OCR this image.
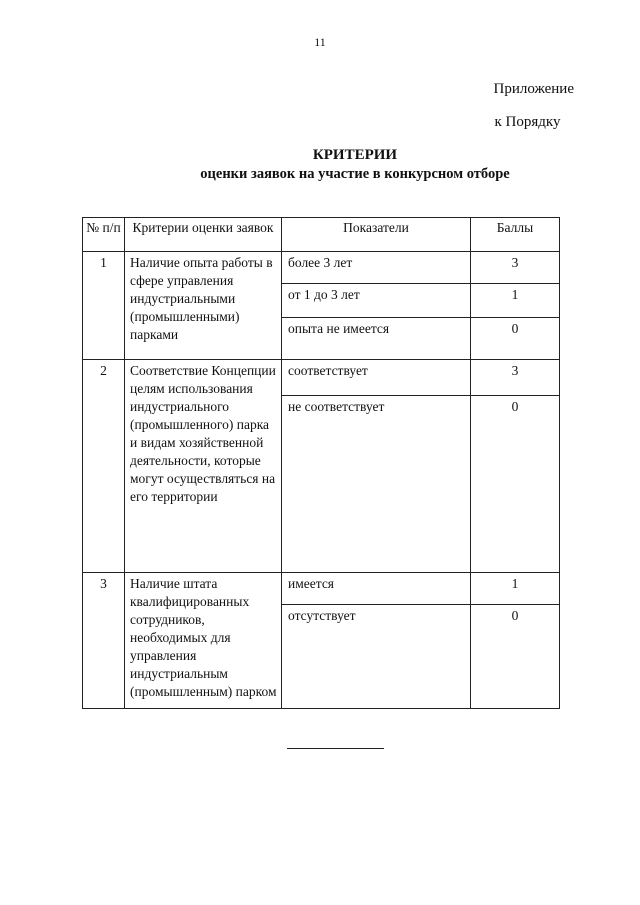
11
Приложение
к Порядку
КРИТЕРИИ
оценки заявок на участие в конкурсном отборе
№ п/п	Критерии оценки заявок	Показатели	Баллы
1	Наличие опыта работы в сфере управления индустриальными (промышленными) парками	более 3 лет	3
		от 1 до 3 лет	1
		опыта не имеется	0
2	Соответствие Концепции целям использования индустриального (промышленного) парка и видам хозяйственной деятельности, которые могут осуществляться на его территории	соответствует	3
		не соответствует	0
3	Наличие штата квалифицированных сотрудников, необходимых для управления индустриальным (промышленным) парком	имеется	1
		отсутствует	0
